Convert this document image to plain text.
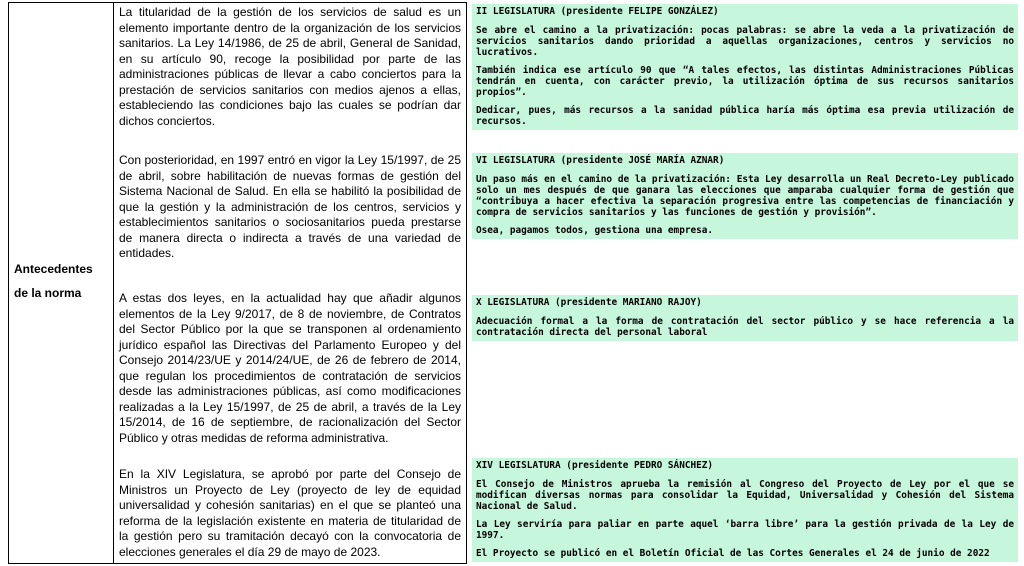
Antecedentes
de la norma

La titularidad de la gestión de los servicios de salud es un elemento importante dentro de la organización de los servicios sanitarios. La Ley 14/1986, de 25 de abril, General de Sanidad, en su artículo 90, recoge la posibilidad por parte de las administraciones públicas de llevar a cabo conciertos para la prestación de servicios sanitarios con medios ajenos a ellas, estableciendo las condiciones bajo las cuales se podrían dar dichos conciertos.

Con posterioridad, en 1997 entró en vigor la Ley 15/1997, de 25 de abril, sobre habilitación de nuevas formas de gestión del Sistema Nacional de Salud. En ella se habilitó la posibilidad de que la gestión y la administración de los centros, servicios y establecimientos sanitarios o sociosanitarios pueda prestarse de manera directa o indirecta a través de una variedad de entidades.

A estas dos leyes, en la actualidad hay que añadir algunos elementos de la Ley 9/2017, de 8 de noviembre, de Contratos del Sector Público por la que se transponen al ordenamiento jurídico español las Directivas del Parlamento Europeo y del Consejo 2014/23/UE y 2014/24/UE, de 26 de febrero de 2014, que regulan los procedimientos de contratación de servicios desde las administraciones públicas, así como modificaciones realizadas a la Ley 15/1997, de 25 de abril, a través de la Ley 15/2014, de 16 de septiembre, de racionalización del Sector Público y otras medidas de reforma administrativa.

En la XIV Legislatura, se aprobó por parte del Consejo de Ministros un Proyecto de Ley (proyecto de ley de equidad universalidad y cohesión sanitarias) en el que se planteó una reforma de la legislación existente en materia de titularidad de la gestión pero su tramitación decayó con la convocatoria de elecciones generales el día 29 de mayo de 2023.

II LEGISLATURA (presidente FELIPE GONZÁLEZ)

Se abre el camino a la privatización: pocas palabras: se abre la veda a la privatización de servicios sanitarios dando prioridad a aquellas organizaciones, centros y servicios no lucrativos.

También indica ese artículo 90 que “A tales efectos, las distintas Administraciones Públicas tendrán en cuenta, con carácter previo, la utilización óptima de sus recursos sanitarios propios”.

Dedicar, pues, más recursos a la sanidad pública haría más óptima esa previa utilización de recursos.

VI LEGISLATURA (presidente JOSÉ MARÍA AZNAR)

Un paso más en el camino de la privatización: Esta Ley desarrolla un Real Decreto-Ley publicado solo un mes después de que ganara las elecciones que amparaba cualquier forma de gestión que “contribuya a hacer efectiva la separación progresiva entre las competencias de financiación y compra de servicios sanitarios y las funciones de gestión y provisión”.

Osea, pagamos todos, gestiona una empresa.

X LEGISLATURA (presidente MARIANO RAJOY)

Adecuación formal a la forma de contratación del sector público y se hace referencia a la contratación directa del personal laboral

XIV LEGISLATURA (presidente PEDRO SÁNCHEZ)

El Consejo de Ministros aprueba la remisión al Congreso del Proyecto de Ley por el que se modifican diversas normas para consolidar la Equidad, Universalidad y Cohesión del Sistema Nacional de Salud.

La Ley serviría para paliar en parte aquel ‘barra libre’ para la gestión privada de la Ley de 1997.

El Proyecto se publicó en el Boletín Oficial de las Cortes Generales el 24 de junio de 2022
